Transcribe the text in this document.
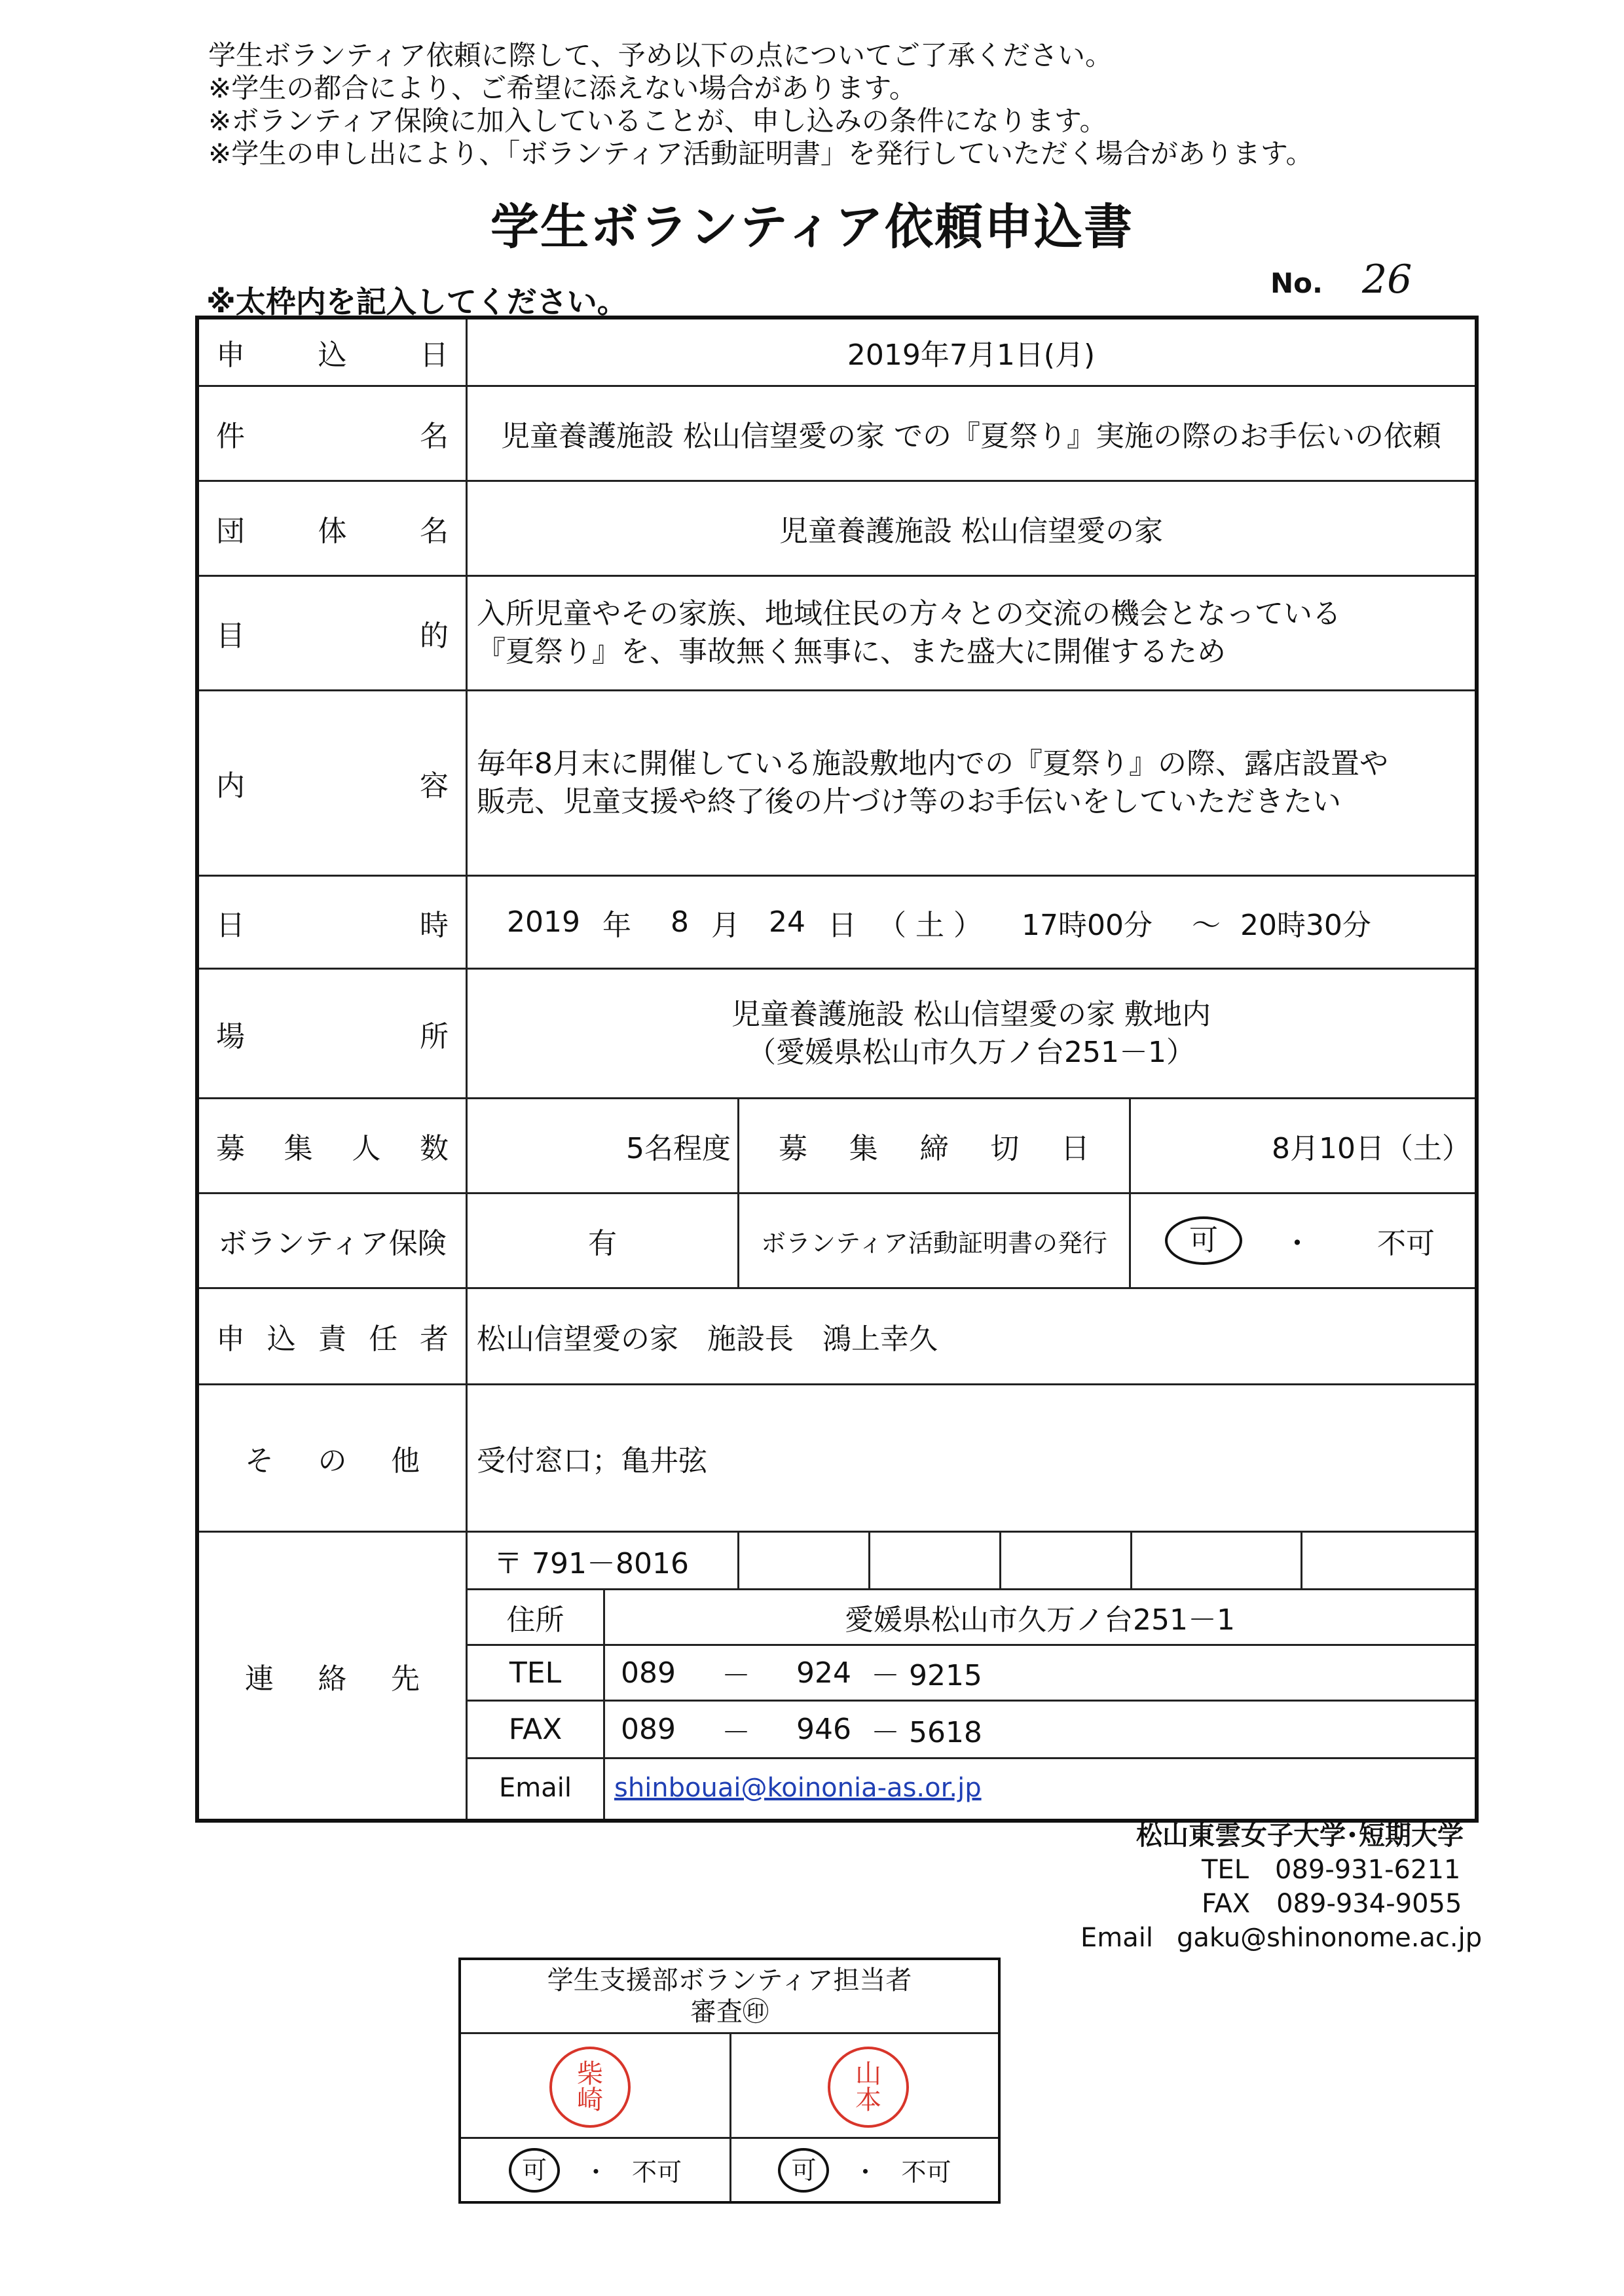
学生ボランティア依頼に際して、予め以下の点についてご了承ください。
※学生の都合により、ご希望に添えない場合があります。
※ボランティア保険に加入していることが、申し込みの条件になります。
※学生の申し出により、「ボランティア活動証明書」を発行していただく場合があります。
学生ボランティア依頼申込書
※太枠内を記入してください。
No. 26
申	込	日	2019年7月1日(月)
件	名	児童養護施設 松山信望愛の家 での『夏祭り』実施の際のお手伝いの依頼
団	体	名	児童養護施設 松山信望愛の家
目	的
入所児童やその家族、地域住民の方々との交流の機会となっている
『夏祭り』を、事故無く無事に、また盛大に開催するため
内	容
毎年8月末に開催している施設敷地内での『夏祭り』の際、露店設置や
販売、児童支援や終了後の片づけ等のお手伝いをしていただきたい
日	時 2019 年 8 月 24 日 （ 土 ） 17時00分 ～ 20時30分
場	所
児童養護施設 松山信望愛の家 敷地内
（愛媛県松山市久万ノ台251－1）
募 集 人 数	5名程度 募 集 締 切 日	8月10日（土）
ボランティア保険	有	ボランティア活動証明書の発行	可	・ 不可
申 込 責 任 者 松山信望愛の家　施設長　鴻上幸久
そ の 他	受付窓口；亀井弦
連 絡 先
〒 791－8016
住所	愛媛県松山市久万ノ台251－1
TEL	089 － 924 － 9215
FAX	089 － 946 － 5618
Email	shinbouai@koinonia-as.or.jp
松山東雲女子大学･短期大学
TEL　089-931-6211
FAX　089-934-9055
Email gaku@shinonome.ac.jp
学生支援部ボランティア担当者
審査㊞
柴
崎
山
本
可	・ 不可	可	・ 不可
